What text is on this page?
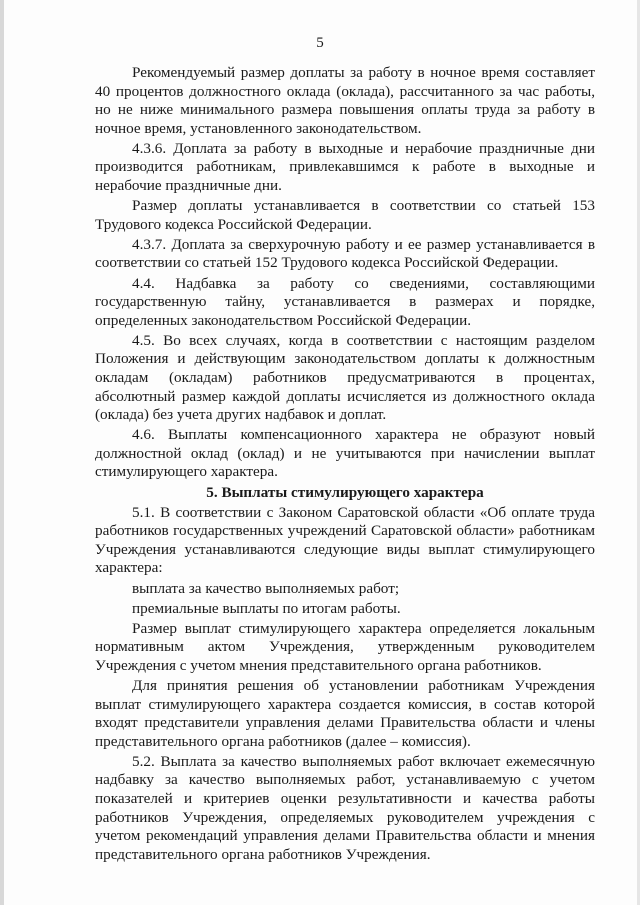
5

Рекомендуемый размер доплаты за работу в ночное время составляет 40 процентов должностного оклада (оклада), рассчитанного за час работы, но не ниже минимального размера повышения оплаты труда за работу в ночное время, установленного законодательством.

4.3.6. Доплата за работу в выходные и нерабочие праздничные дни производится работникам, привлекавшимся к работе в выходные и нерабочие праздничные дни.

Размер доплаты устанавливается в соответствии со статьей 153 Трудового кодекса Российской Федерации.

4.3.7. Доплата за сверхурочную работу и ее размер устанавливается в соответствии со статьей 152 Трудового кодекса Российской Федерации.

4.4. Надбавка за работу со сведениями, составляющими государственную тайну, устанавливается в размерах и порядке, определенных законодательством Российской Федерации.

4.5. Во всех случаях, когда в соответствии с настоящим разделом Положения и действующим законодательством доплаты к должностным окладам (окладам) работников предусматриваются в процентах, абсолютный размер каждой доплаты исчисляется из должностного оклада (оклада) без учета других надбавок и доплат.

4.6. Выплаты компенсационного характера не образуют новый должностной оклад (оклад) и не учитываются при начислении выплат стимулирующего характера.

5. Выплаты стимулирующего характера

5.1. В соответствии с Законом Саратовской области «Об оплате труда работников государственных учреждений Саратовской области» работникам Учреждения устанавливаются следующие виды выплат стимулирующего характера:

выплата за качество выполняемых работ;

премиальные выплаты по итогам работы.

Размер выплат стимулирующего характера определяется локальным нормативным актом Учреждения, утвержденным руководителем Учреждения с учетом мнения представительного органа работников.

Для принятия решения об установлении работникам Учреждения выплат стимулирующего характера создается комиссия, в состав которой входят представители управления делами Правительства области и члены представительного органа работников (далее – комиссия).

5.2. Выплата за качество выполняемых работ включает ежемесячную надбавку за качество выполняемых работ, устанавливаемую с учетом показателей и критериев оценки результативности и качества работы работников Учреждения, определяемых руководителем учреждения с учетом рекомендаций управления делами Правительства области и мнения представительного органа работников Учреждения.
